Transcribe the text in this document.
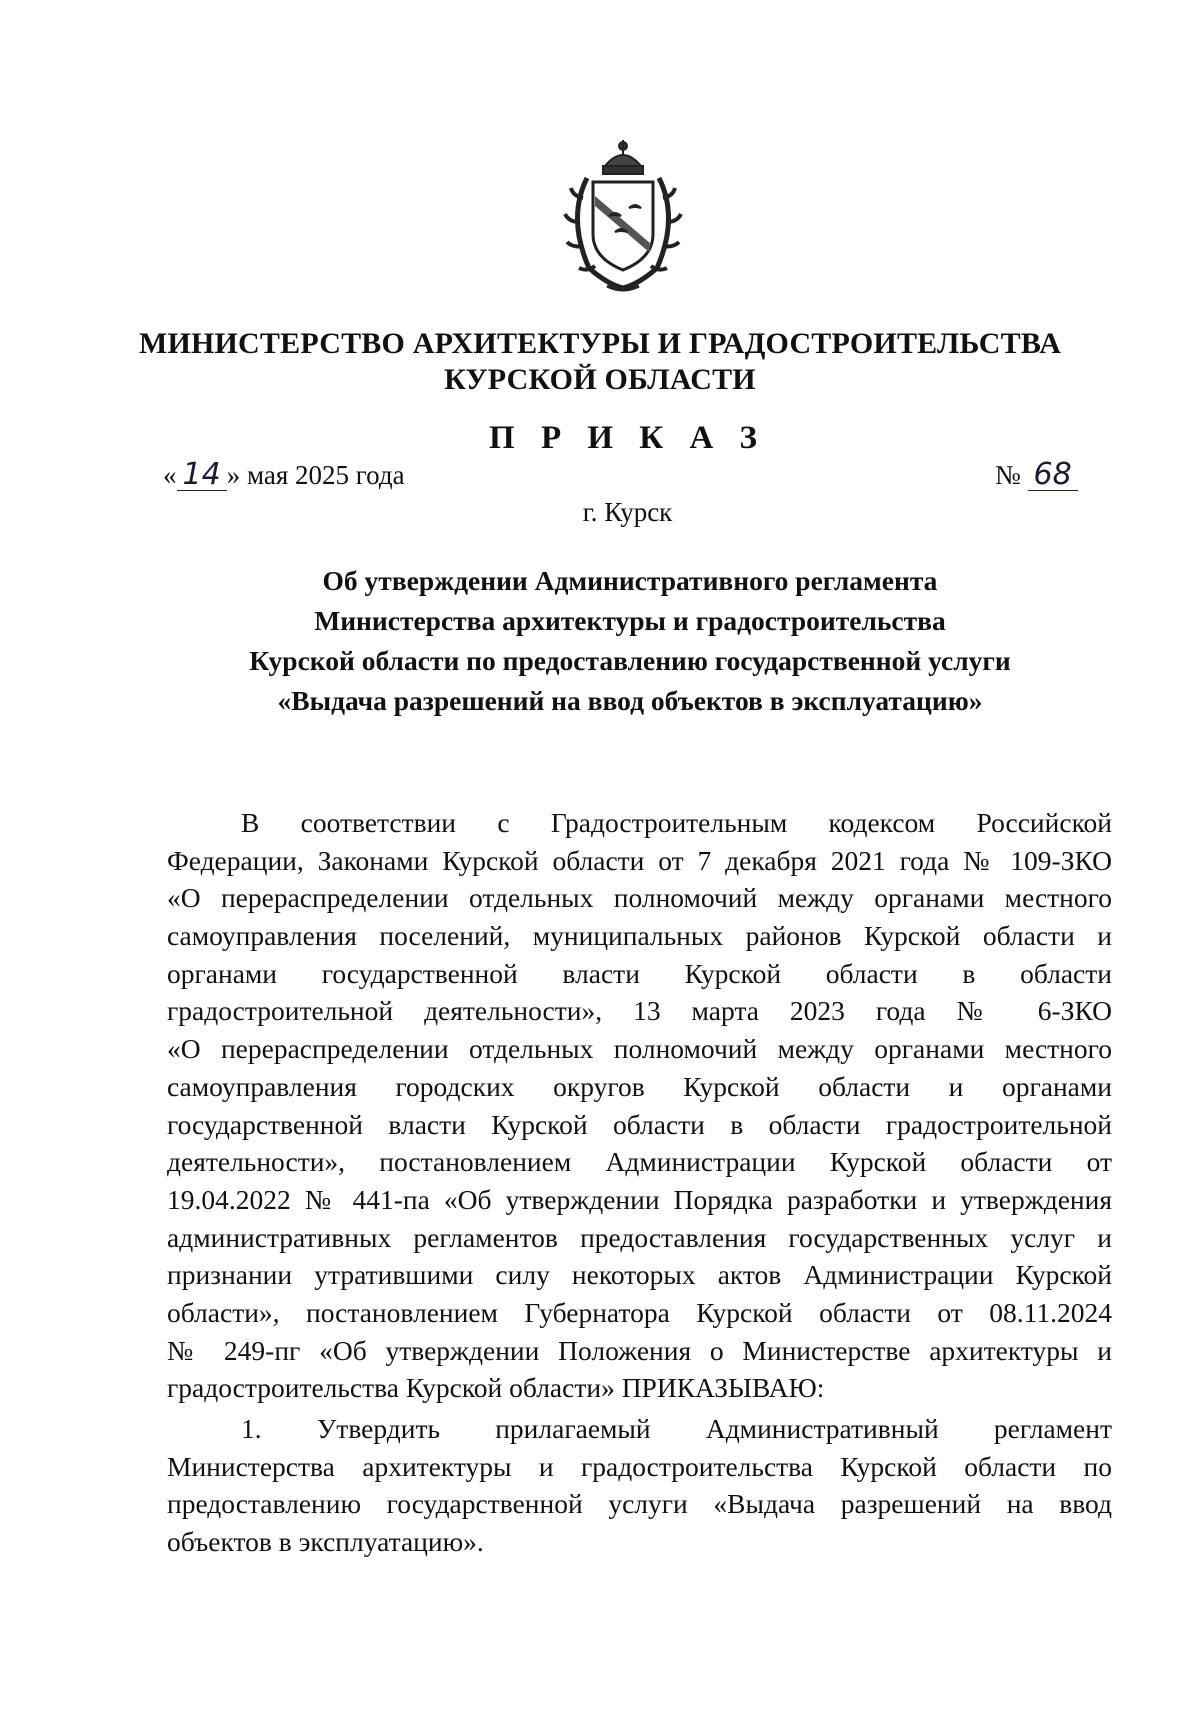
МИНИСТЕРСТВО АРХИТЕКТУРЫ И ГРАДОСТРОИТЕЛЬСТВА
КУРСКОЙ ОБЛАСТИ
П Р И К А З
« 14 » мая 2025 года	№ 68
г. Курск
Об утверждении Административного регламента
Министерства архитектуры и градостроительства
Курской области по предоставлению государственной услуги
«Выдача разрешений на ввод объектов в эксплуатацию»
В соответствии с Градостроительным кодексом Российской
Федерации, Законами Курской области от 7 декабря 2021 года № 109-ЗКО
«О перераспределении отдельных полномочий между органами местного
самоуправления поселений, муниципальных районов Курской области и
органами государственной власти Курской области в области
градостроительной деятельности», 13 марта 2023 года № 6-ЗКО
«О перераспределении отдельных полномочий между органами местного
самоуправления городских округов Курской области и органами
государственной власти Курской области в области градостроительной
деятельности», постановлением Администрации Курской области от
19.04.2022 № 441-па «Об утверждении Порядка разработки и утверждения
административных регламентов предоставления государственных услуг и
признании утратившими силу некоторых актов Администрации Курской
области», постановлением Губернатора Курской области от 08.11.2024
№ 249-пг «Об утверждении Положения о Министерстве архитектуры и
градостроительства Курской области» ПРИКАЗЫВАЮ:
1. Утвердить прилагаемый Административный регламент
Министерства архитектуры и градостроительства Курской области по
предоставлению государственной услуги «Выдача разрешений на ввод
объектов в эксплуатацию».
